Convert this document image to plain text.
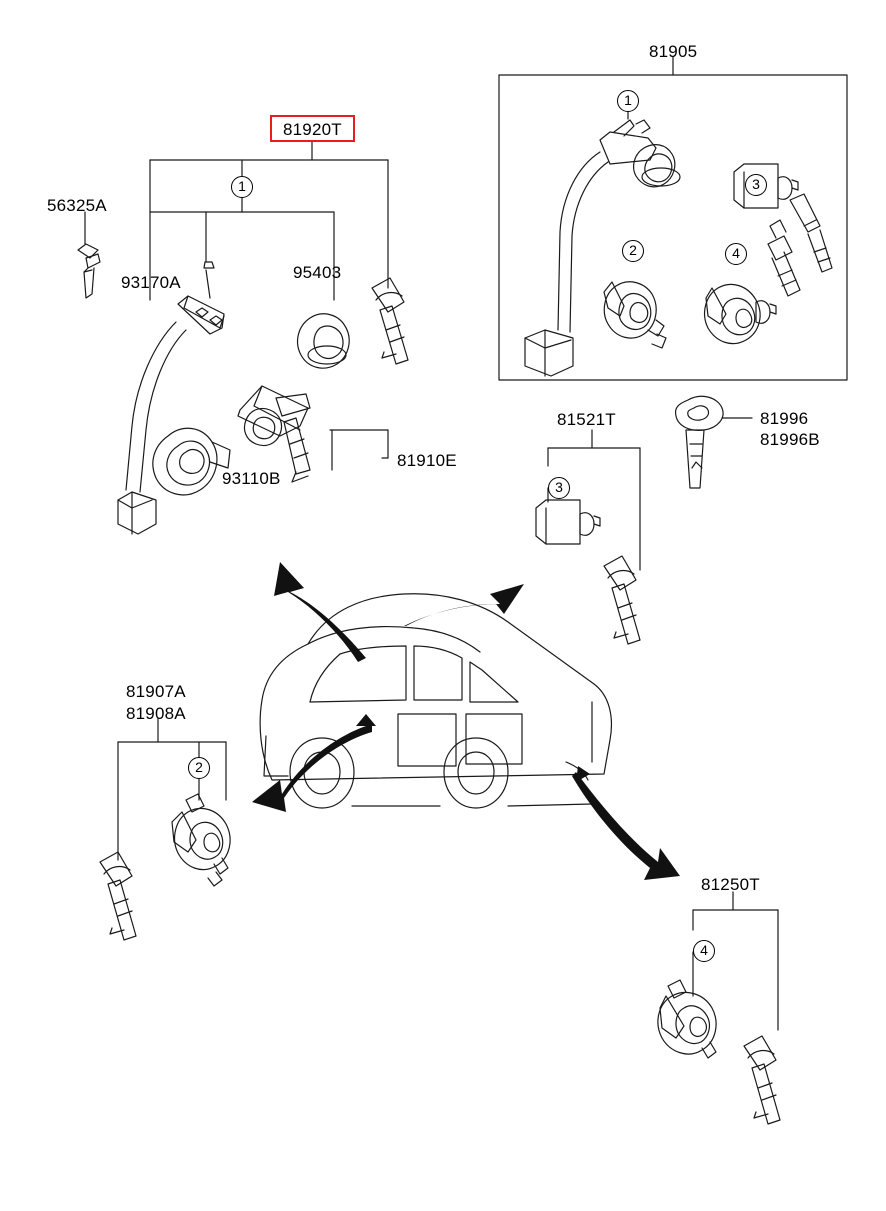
81905
81920T
56325A
93170A
95403
81910E
93110B
81521T	81996
81996B
81907A
81908A
81250T
1
3
2	4
1
3
2
4
